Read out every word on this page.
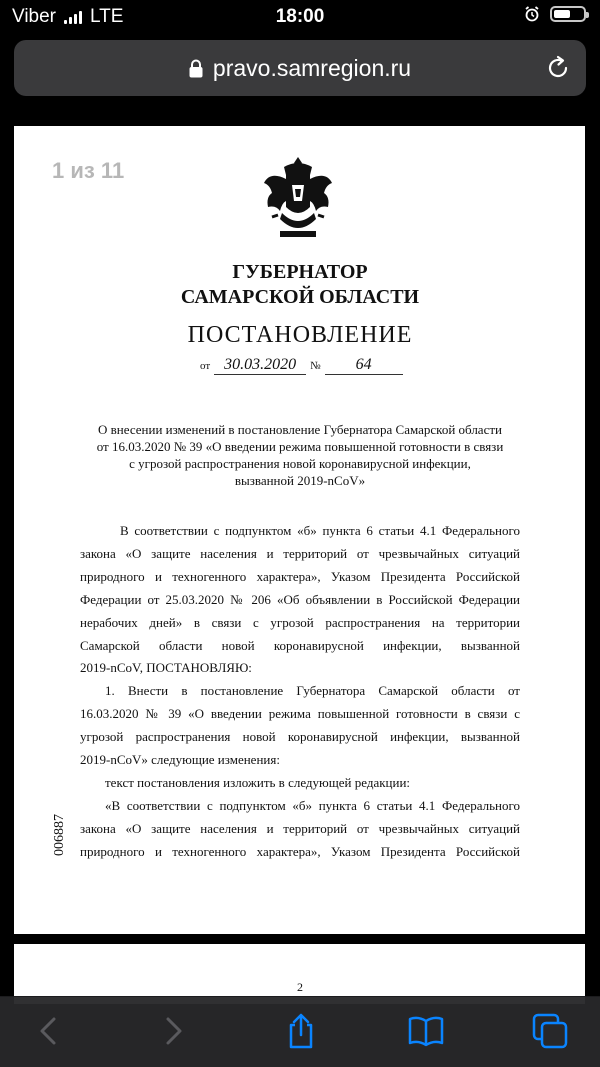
Viber LTE	18:00
pravo.samregion.ru
1 из 11
ГУБЕРНАТОР
САМАРСКОЙ ОБЛАСТИ
ПОСТАНОВЛЕНИЕ
от 30.03.2020 № 64
О внесении изменений в постановление Губернатора Самарской области
от 16.03.2020 № 39 «О введении режима повышенной готовности в связи
с угрозой распространения новой коронавирусной инфекции,
вызванной 2019-nCoV»
В соответствии с подпунктом «б» пункта 6 статьи 4.1 Федерального
закона «О защите населения и территорий от чрезвычайных ситуаций
природного и техногенного характера», Указом Президента Российской
Федерации от 25.03.2020 № 206 «Об объявлении в Российской Федерации
нерабочих дней» в связи с угрозой распространения на территории
Самарской области новой коронавирусной инфекции, вызванной
2019-nCoV, ПОСТАНОВЛЯЮ:
1. Внести в постановление Губернатора Самарской области от
16.03.2020 № 39 «О введении режима повышенной готовности в связи с
угрозой распространения новой коронавирусной инфекции, вызванной
2019-nCoV» следующие изменения:
текст постановления изложить в следующей редакции:
«В соответствии с подпунктом «б» пункта 6 статьи 4.1 Федерального
закона «О защите населения и территорий от чрезвычайных ситуаций
природного и техногенного характера», Указом Президента Российской
006887
2
